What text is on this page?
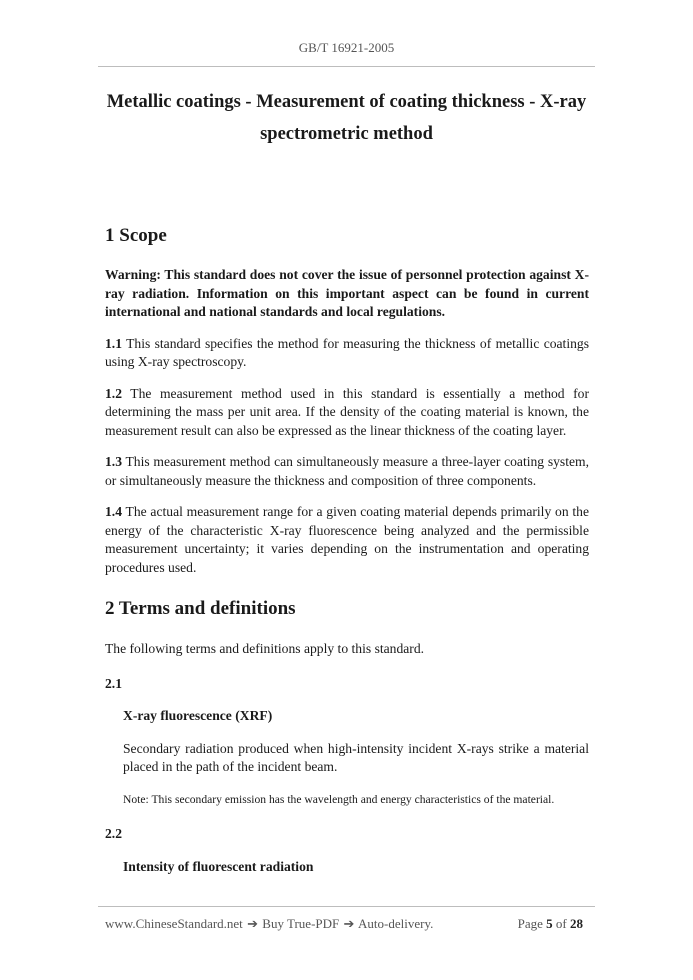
GB/T 16921-2005
Metallic coatings - Measurement of coating thickness - X-ray
spectrometric method
1 Scope

Warning: This standard does not cover the issue of personnel protection against X-ray radiation. Information on this important aspect can be found in current international and national standards and local regulations.

1.1 This standard specifies the method for measuring the thickness of metallic coatings using X-ray spectroscopy.

1.2 The measurement method used in this standard is essentially a method for determining the mass per unit area. If the density of the coating material is known, the measurement result can also be expressed as the linear thickness of the coating layer.

1.3 This measurement method can simultaneously measure a three-layer coating system, or simultaneously measure the thickness and composition of three components.

1.4 The actual measurement range for a given coating material depends primarily on the energy of the characteristic X-ray fluorescence being analyzed and the permissible measurement uncertainty; it varies depending on the instrumentation and operating procedures used.

2 Terms and definitions

The following terms and definitions apply to this standard.

2.1

X-ray fluorescence (XRF)

Secondary radiation produced when high-intensity incident X-rays strike a material placed in the path of the incident beam.

Note: This secondary emission has the wavelength and energy characteristics of the material.

2.2

Intensity of fluorescent radiation

www.ChineseStandard.net ➔ Buy True-PDF ➔ Auto-delivery.	Page 5 of 28
